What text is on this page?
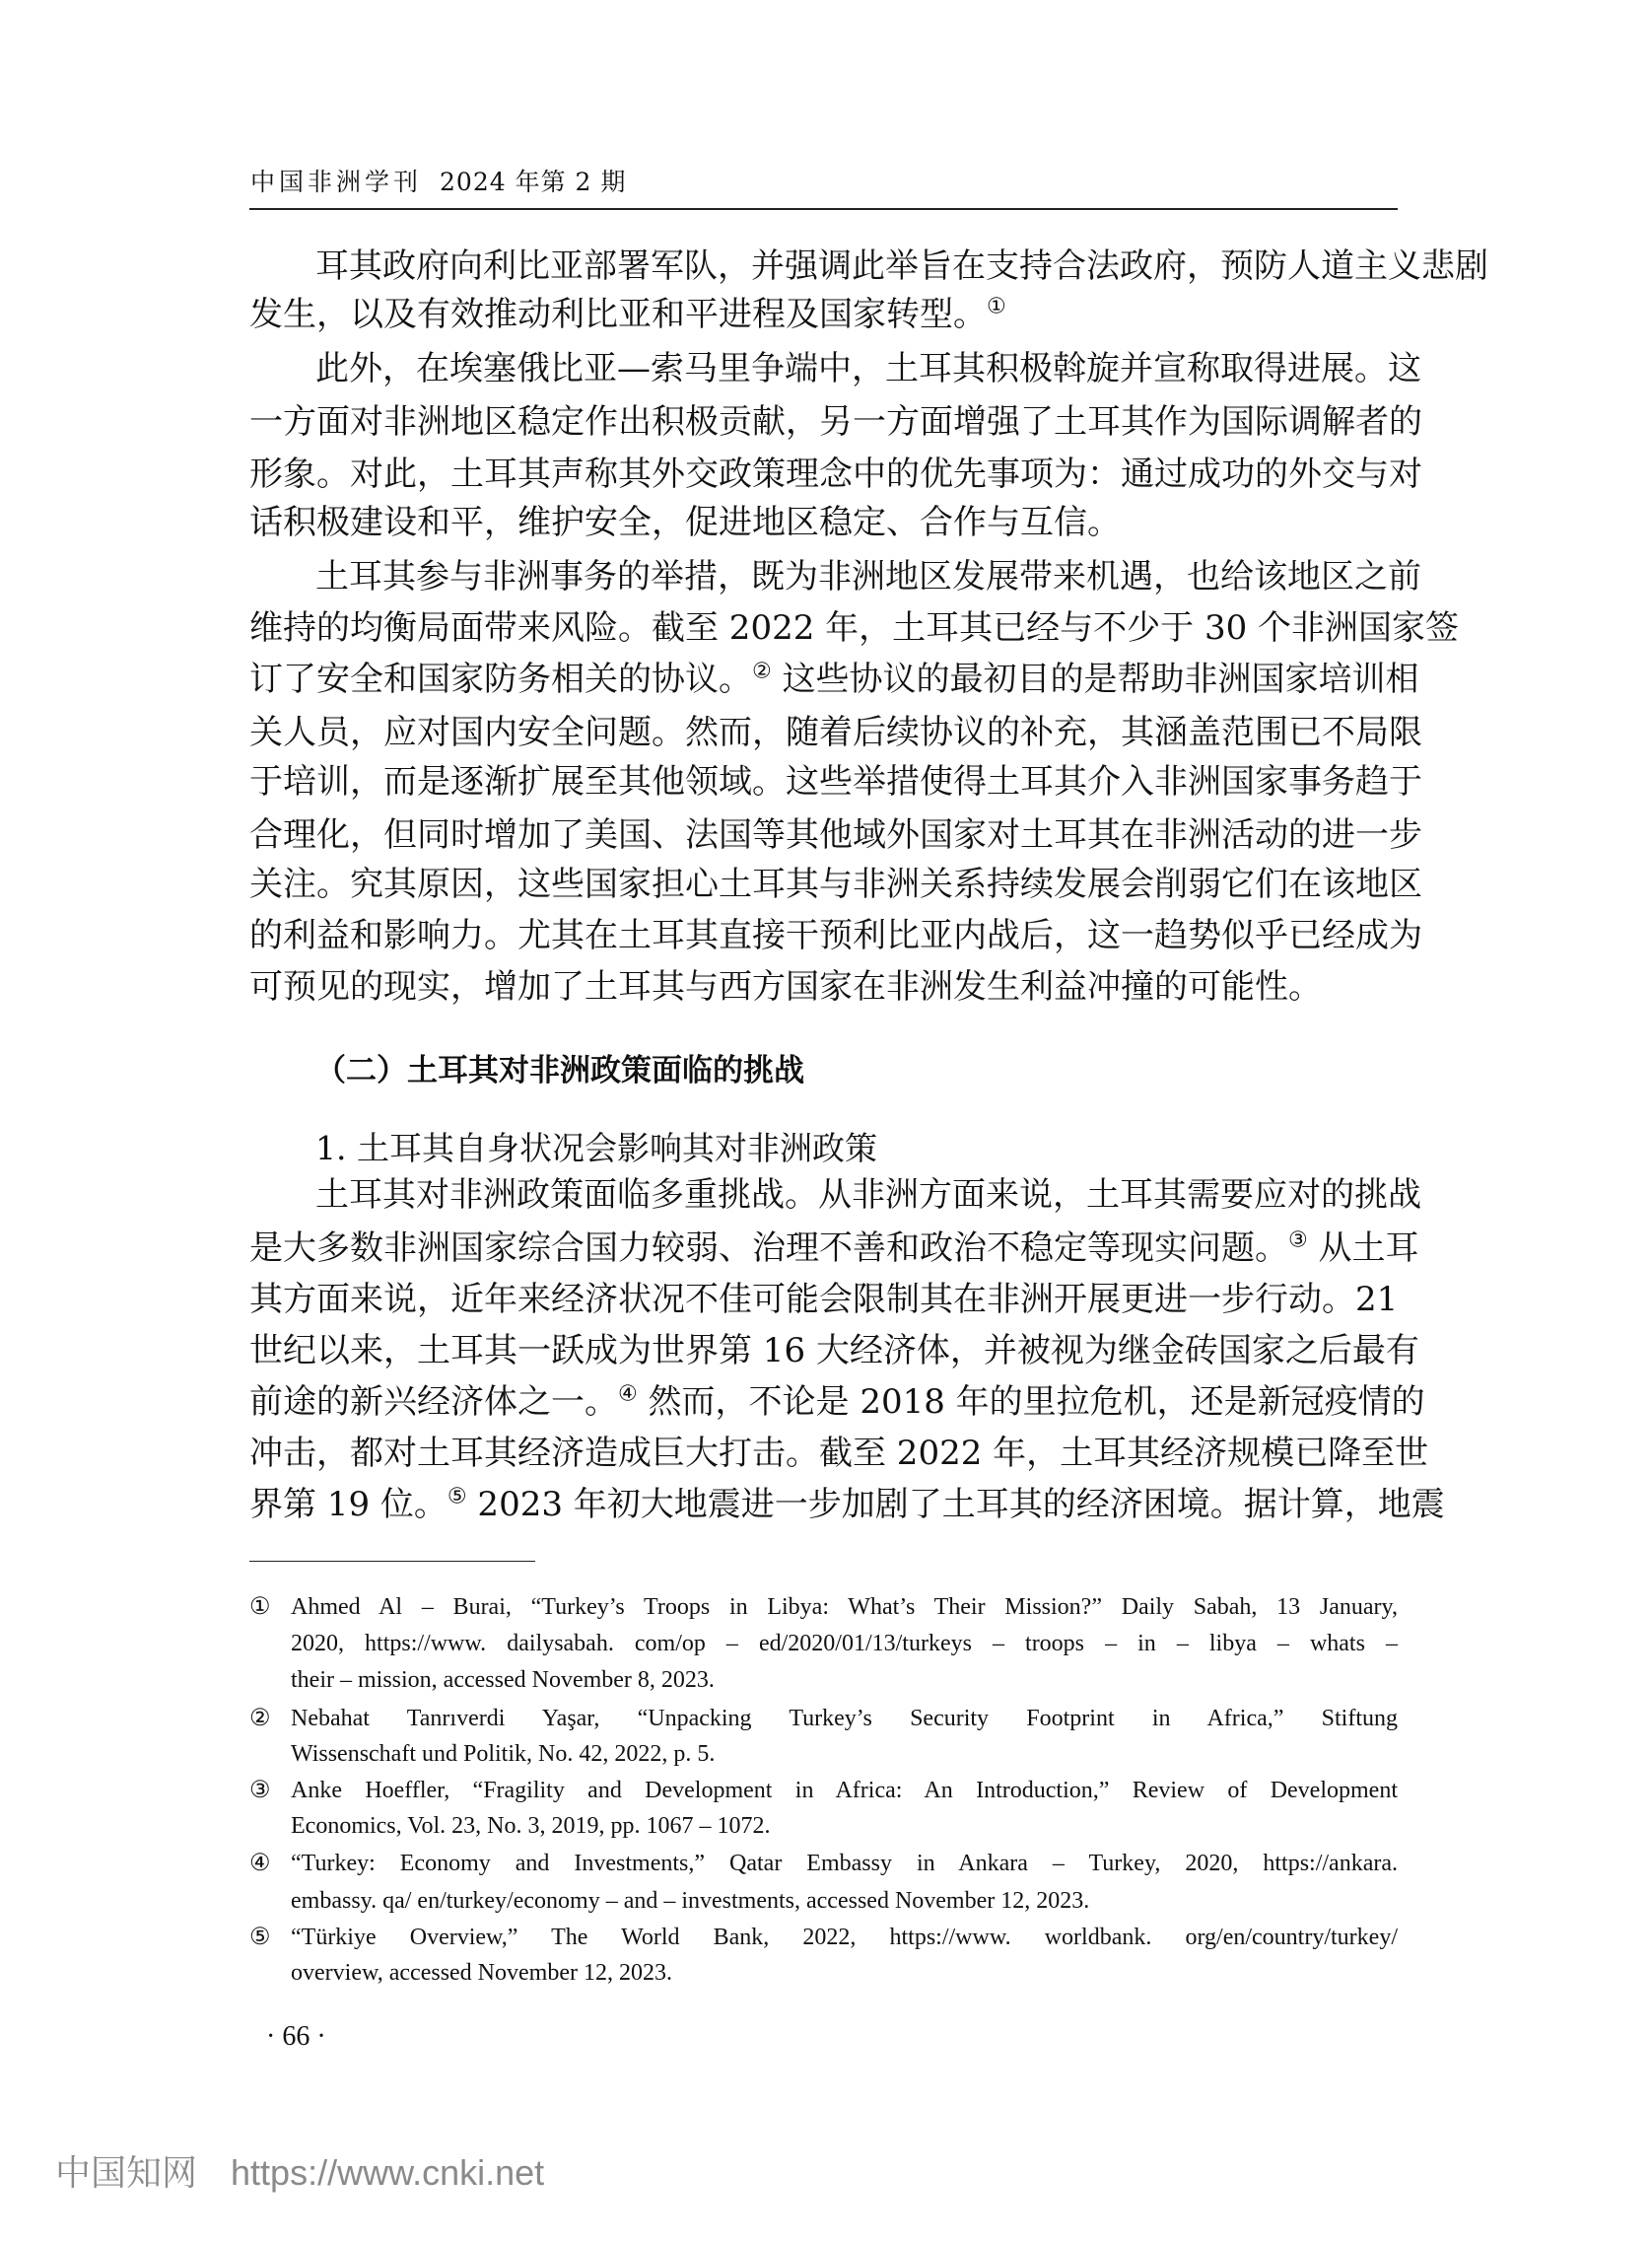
中国非洲学刊 2024 年第 2 期
耳其政府向利比亚部署军队，并强调此举旨在支持合法政府，预防人道主义悲剧
发生，以及有效推动利比亚和平进程及国家转型。①
此外，在埃塞俄比亚—索马里争端中，土耳其积极斡旋并宣称取得进展。这
一方面对非洲地区稳定作出积极贡献，另一方面增强了土耳其作为国际调解者的
形象。对此，土耳其声称其外交政策理念中的优先事项为：通过成功的外交与对
话积极建设和平，维护安全，促进地区稳定、合作与互信。
土耳其参与非洲事务的举措，既为非洲地区发展带来机遇，也给该地区之前
维持的均衡局面带来风险。截至 2022 年，土耳其已经与不少于 30 个非洲国家签
订了安全和国家防务相关的协议。② 这些协议的最初目的是帮助非洲国家培训相
关人员，应对国内安全问题。然而，随着后续协议的补充，其涵盖范围已不局限
于培训，而是逐渐扩展至其他领域。这些举措使得土耳其介入非洲国家事务趋于
合理化，但同时增加了美国、法国等其他域外国家对土耳其在非洲活动的进一步
关注。究其原因，这些国家担心土耳其与非洲关系持续发展会削弱它们在该地区
的利益和影响力。尤其在土耳其直接干预利比亚内战后，这一趋势似乎已经成为
可预见的现实，增加了土耳其与西方国家在非洲发生利益冲撞的可能性。
（二）土耳其对非洲政策面临的挑战
1. 土耳其自身状况会影响其对非洲政策
土耳其对非洲政策面临多重挑战。从非洲方面来说，土耳其需要应对的挑战
是大多数非洲国家综合国力较弱、治理不善和政治不稳定等现实问题。③ 从土耳
其方面来说，近年来经济状况不佳可能会限制其在非洲开展更进一步行动。21
世纪以来，土耳其一跃成为世界第 16 大经济体，并被视为继金砖国家之后最有
前途的新兴经济体之一。④ 然而，不论是 2018 年的里拉危机，还是新冠疫情的
冲击，都对土耳其经济造成巨大打击。截至 2022 年，土耳其经济规模已降至世
界第 19 位。⑤ 2023 年初大地震进一步加剧了土耳其的经济困境。据计算，地震
① Ahmed Al – Burai, “Turkey’s Troops in Libya: What’s Their Mission?” Daily Sabah, 13 January,
2020, https://www. dailysabah. com/op – ed/2020/01/13/turkeys – troops – in – libya – whats –
their – mission, accessed November 8, 2023.
② Nebahat Tanrıverdi Yaşar, “Unpacking Turkey’s Security Footprint in Africa,” Stiftung
Wissenschaft und Politik, No. 42, 2022, p. 5.
③ Anke Hoeffler, “Fragility and Development in Africa: An Introduction,” Review of Development
Economics, Vol. 23, No. 3, 2019, pp. 1067 – 1072.
④ “Turkey: Economy and Investments,” Qatar Embassy in Ankara – Turkey, 2020, https://ankara.
embassy. qa/ en/turkey/economy – and – investments, accessed November 12, 2023.
⑤ “Türkiye Overview,” The World Bank, 2022, https://www. worldbank. org/en/country/turkey/
overview, accessed November 12, 2023.
· 66 ·
中国知网 https://www.cnki.net
